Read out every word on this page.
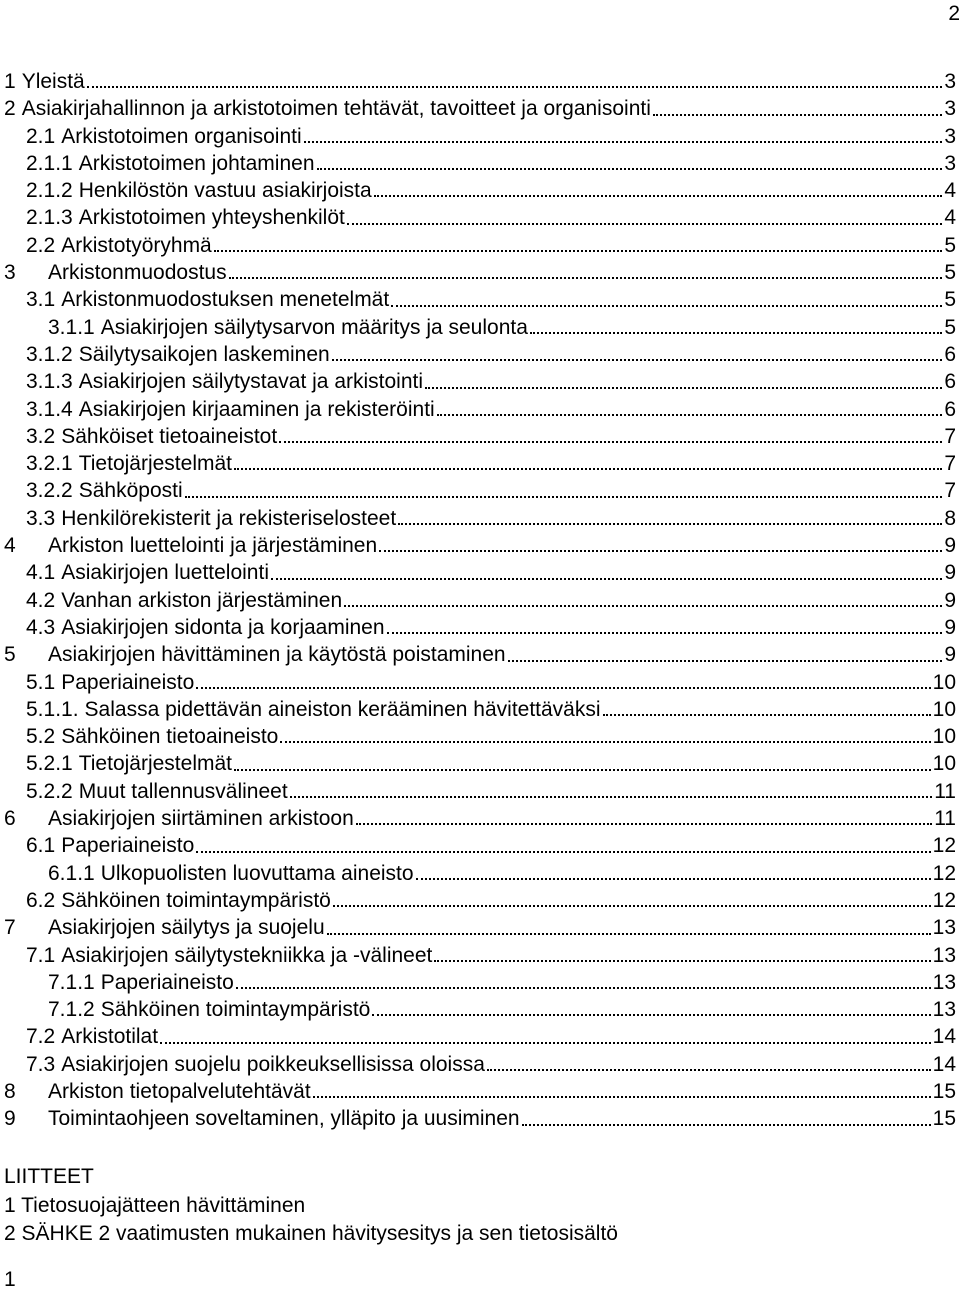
2
1 Yleistä	3
2 Asiakirjahallinnon ja arkistotoimen tehtävät, tavoitteet ja organisointi	3
2.1 Arkistotoimen organisointi	3
2.1.1 Arkistotoimen johtaminen	3
2.1.2 Henkilöstön vastuu asiakirjoista	4
2.1.3 Arkistotoimen yhteyshenkilöt	4
2.2 Arkistotyöryhmä	5
3	Arkistonmuodostus	5
3.1 Arkistonmuodostuksen menetelmät	5
3.1.1 Asiakirjojen säilytysarvon määritys ja seulonta	5
3.1.2 Säilytysaikojen laskeminen	6
3.1.3 Asiakirjojen säilytystavat ja arkistointi	6
3.1.4 Asiakirjojen kirjaaminen ja rekisteröinti	6
3.2 Sähköiset tietoaineistot	7
3.2.1 Tietojärjestelmät	7
3.2.2 Sähköposti	7
3.3 Henkilörekisterit ja rekisteriselosteet	8
4	Arkiston luettelointi ja järjestäminen	9
4.1 Asiakirjojen luettelointi	9
4.2 Vanhan arkiston järjestäminen	9
4.3 Asiakirjojen sidonta ja korjaaminen	9
5	Asiakirjojen hävittäminen ja käytöstä poistaminen	9
5.1 Paperiaineisto	10
5.1.1. Salassa pidettävän aineiston kerääminen hävitettäväksi	10
5.2 Sähköinen tietoaineisto	10
5.2.1 Tietojärjestelmät	10
5.2.2 Muut tallennusvälineet	11
6	Asiakirjojen siirtäminen arkistoon	11
6.1 Paperiaineisto	12
6.1.1 Ulkopuolisten luovuttama aineisto	12
6.2 Sähköinen toimintaympäristö	12
7	Asiakirjojen säilytys ja suojelu	13
7.1 Asiakirjojen säilytystekniikka ja -välineet	13
7.1.1 Paperiaineisto	13
7.1.2 Sähköinen toimintaympäristö	13
7.2 Arkistotilat	14
7.3 Asiakirjojen suojelu poikkeuksellisissa oloissa	14
8	Arkiston tietopalvelutehtävät	15
9	Toimintaohjeen soveltaminen, ylläpito ja uusiminen	15
LIITTEET
1 Tietosuojajätteen hävittäminen
2 SÄHKE 2 vaatimusten mukainen hävitysesitys ja sen tietosisältö
1
